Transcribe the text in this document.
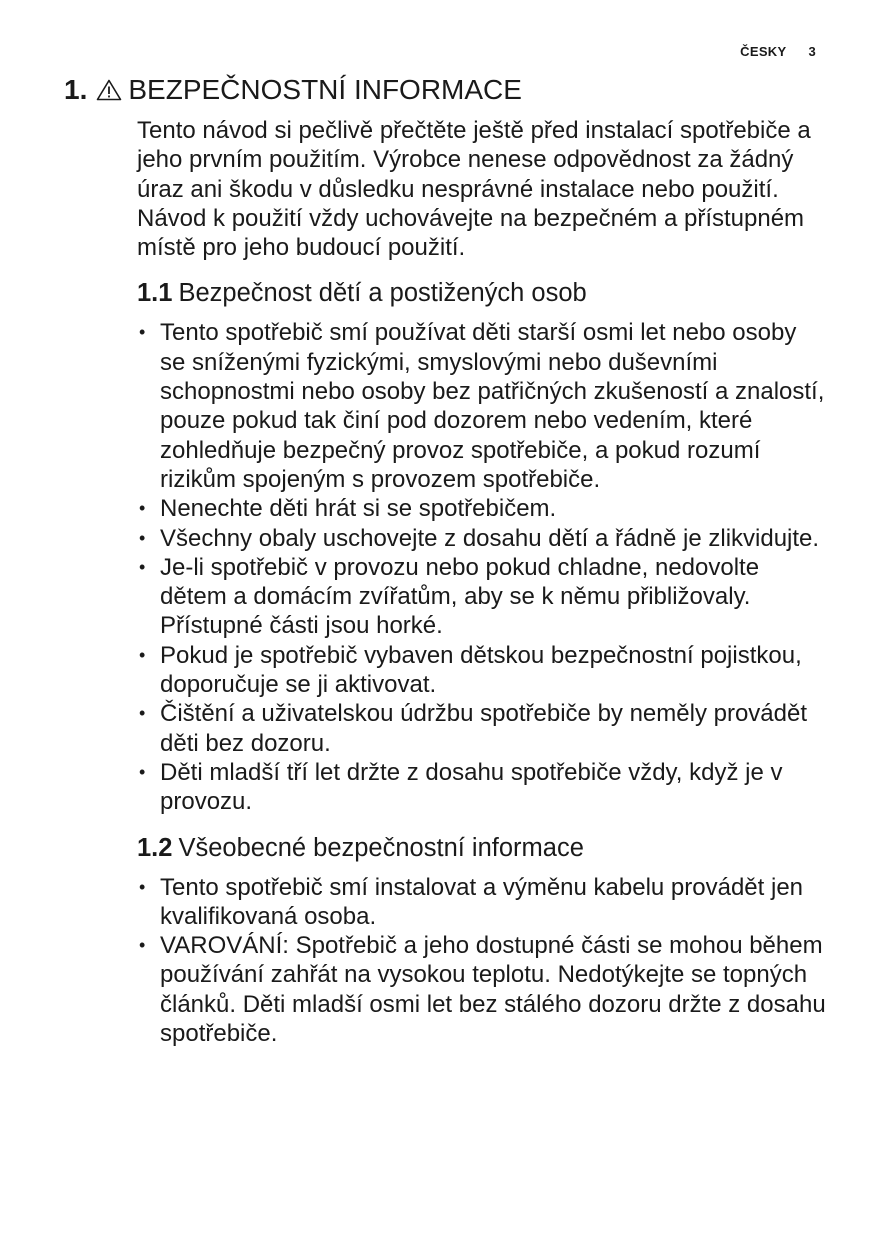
ČESKY 3
1. BEZPEČNOSTNÍ INFORMACE

Tento návod si pečlivě přečtěte ještě před instalací spotřebiče a jeho prvním použitím. Výrobce nenese odpovědnost za žádný úraz ani škodu v důsledku nesprávné instalace nebo použití. Návod k použití vždy uchovávejte na bezpečném a přístupném místě pro jeho budoucí použití.

1.1 Bezpečnost dětí a postižených osob
• Tento spotřebič smí používat děti starší osmi let nebo osoby se sníženými fyzickými, smyslovými nebo duševními schopnostmi nebo osoby bez patřičných zkušeností a znalostí, pouze pokud tak činí pod dozorem nebo vedením, které zohledňuje bezpečný provoz spotřebiče, a pokud rozumí rizikům spojeným s provozem spotřebiče.
• Nenechte děti hrát si se spotřebičem.
• Všechny obaly uschovejte z dosahu dětí a řádně je zlikvidujte.
• Je-li spotřebič v provozu nebo pokud chladne, nedovolte dětem a domácím zvířatům, aby se k němu přibližovaly. Přístupné části jsou horké.
• Pokud je spotřebič vybaven dětskou bezpečnostní pojistkou, doporučuje se ji aktivovat.
• Čištění a uživatelskou údržbu spotřebiče by neměly provádět děti bez dozoru.
• Děti mladší tří let držte z dosahu spotřebiče vždy, když je v provozu.
1.2 Všeobecné bezpečnostní informace
• Tento spotřebič smí instalovat a výměnu kabelu provádět jen kvalifikovaná osoba.
• VAROVÁNÍ: Spotřebič a jeho dostupné části se mohou během používání zahřát na vysokou teplotu. Nedotýkejte se topných článků. Děti mladší osmi let bez stálého dozoru držte z dosahu spotřebiče.
